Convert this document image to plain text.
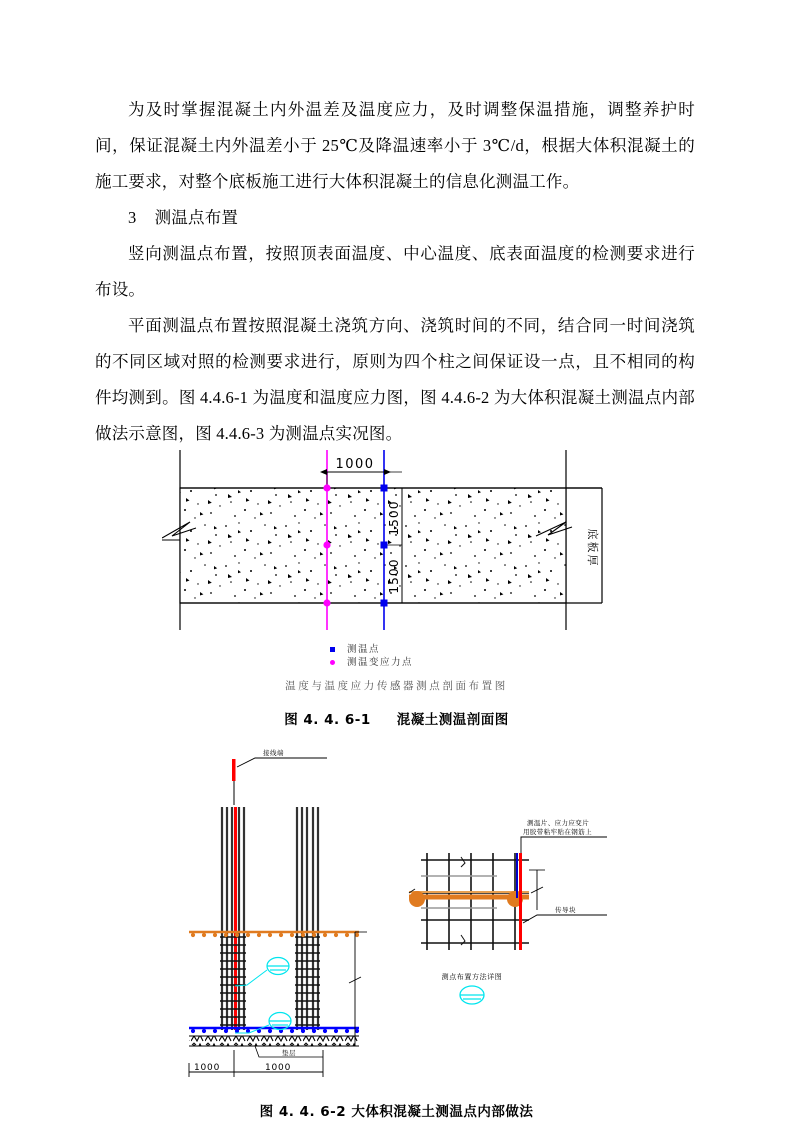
为及时掌握混凝土内外温差及温度应力，及时调整保温措施，调整养护时间，保证混凝土内外温差小于 25℃及降温速率小于 3℃/d，根据大体积混凝土的施工要求，对整个底板施工进行大体积混凝土的信息化测温工作。

3 测温点布置

竖向测温点布置，按照顶表面温度、中心温度、底表面温度的检测要求进行布设。

平面测温点布置按照混凝土浇筑方向、浇筑时间的不同，结合同一时间浇筑的不同区域对照的检测要求进行，原则为四个柱之间保证设一点，且不相同的构件均测到。图 4.4.6-1 为温度和温度应力图，图 4.4.6-2 为大体积混凝土测温点内部做法示意图，图 4.4.6-3 为测温点实况图。

1000
1500
1500
底板厚
测温点
测温变应力点
温度与温度应力传感器测点剖面布置图
图 4. 4. 6-1 混凝土测温剖面图
接线端
垫层
1000	1000
测温片、应力应变片
用胶带粘牢贴在钢筋上
传导块
测点布置方法详图
图 4. 4. 6-2 大体积混凝土测温点内部做法
